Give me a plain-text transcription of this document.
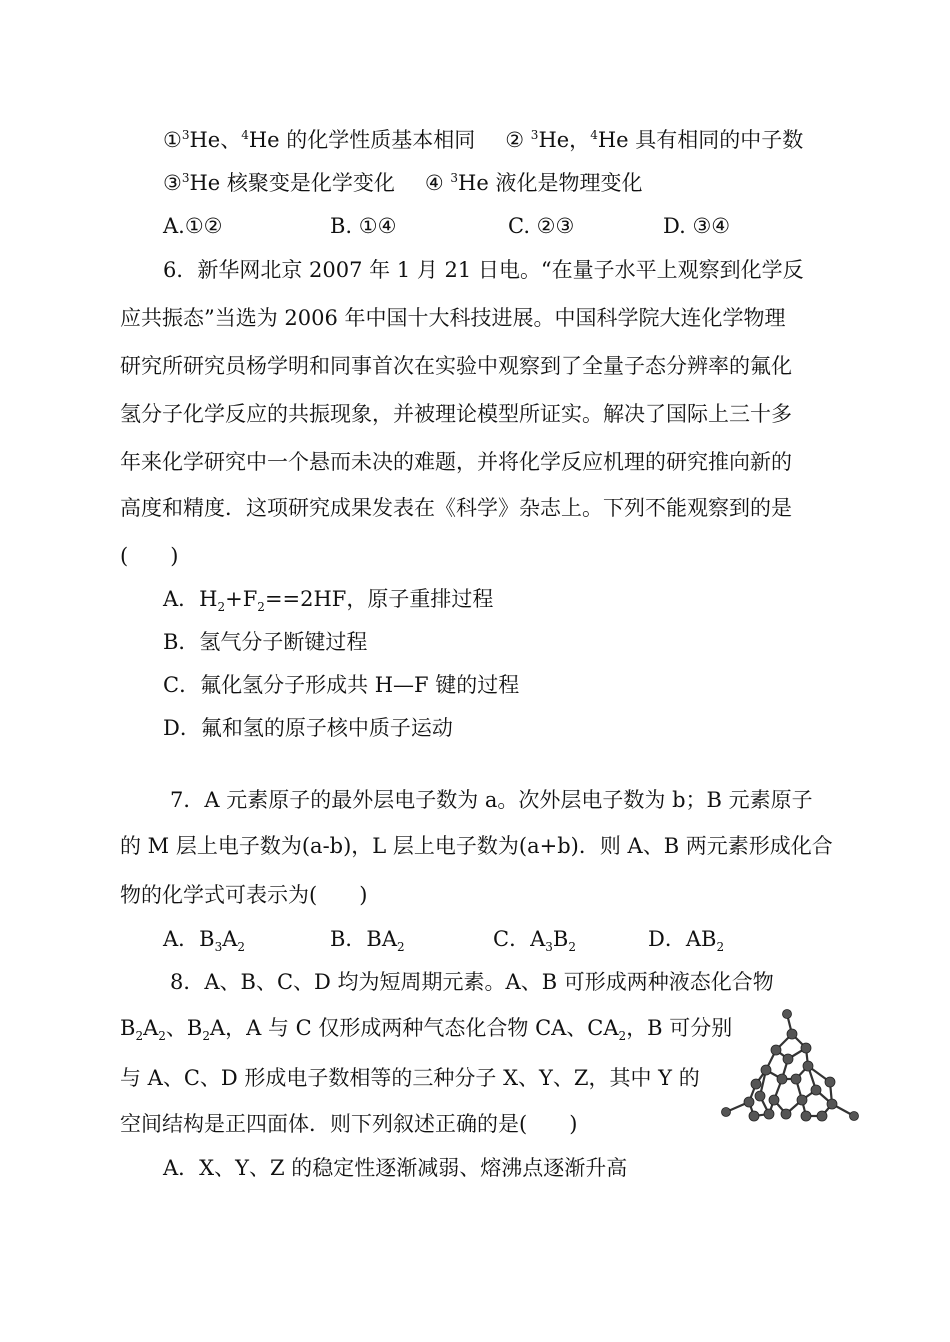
①$^3$He、$^4$He 的化学性质基本相同 ② $^3$He，$^4$He 具有相同的中子数
③$^3$He 核聚变是化学变化 ④ $^3$He 液化是物理变化
A.①②	B. ①④	C. ②③	D. ③④
6．新华网北京 2007 年 1 月 21 日电。“在量子水平上观察到化学反
应共振态”当选为 2006 年中国十大科技进展。中国科学院大连化学物理
研究所研究员杨学明和同事首次在实验中观察到了全量子态分辨率的氟化
氢分子化学反应的共振现象，并被理论模型所证实。解决了国际上三十多
年来化学研究中一个悬而未决的难题，并将化学反应机理的研究推向新的
高度和精度．这项研究成果发表在《科学》杂志上。下列不能观察到的是
(　　)
A．$H_2+F_2==2HF$，原子重排过程
B．氢气分子断键过程
C．氟化氢分子形成共 H—F 键的过程
D．氟和氢的原子核中质子运动
7．A 元素原子的最外层电子数为 a。次外层电子数为 b；B 元素原子
的 M 层上电子数为(a-b)，L 层上电子数为(a+b)．则 A、B 两元素形成化合
物的化学式可表示为(　　)
A．$B_3A_2$	B．$BA_2$	C．$A_3B_2$	D．$AB_2$
8．A、B、C、D 均为短周期元素。A、B 可形成两种液态化合物
$B_2A_2$、$B_2A$，A 与 C 仅形成两种气态化合物 CA、$CA_2$，B 可分别
与 A、C、D 形成电子数相等的三种分子 X、Y、Z，其中 Y 的
空间结构是正四面体．则下列叙述正确的是(　　)
A．X、Y、Z 的稳定性逐渐减弱、熔沸点逐渐升高
